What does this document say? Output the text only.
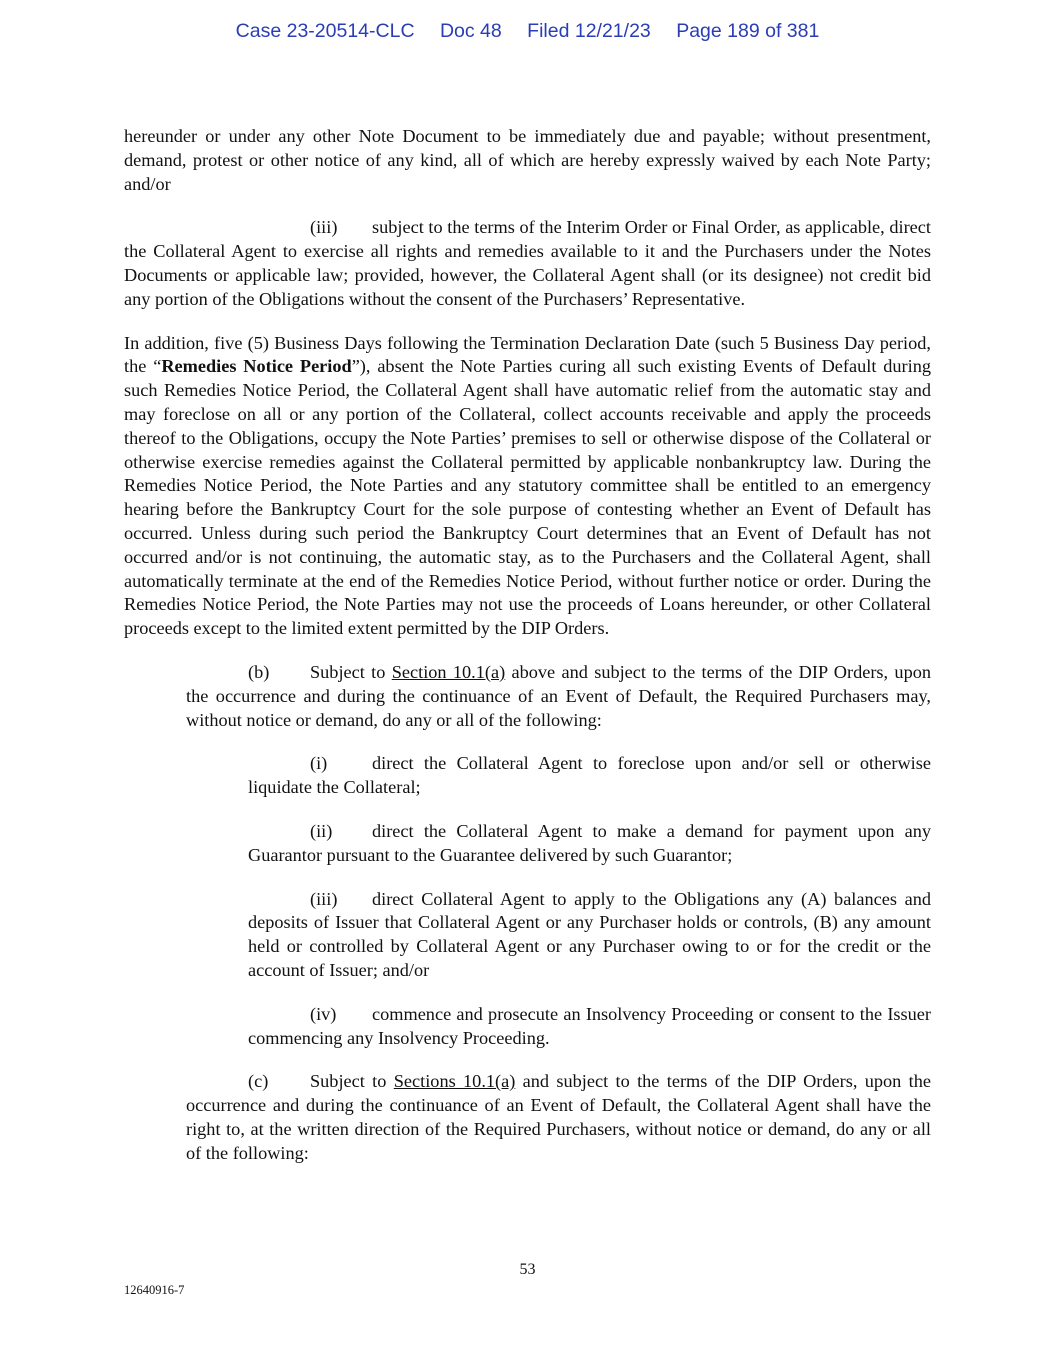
Case 23-20514-CLC Doc 48 Filed 12/21/23 Page 189 of 381

hereunder or under any other Note Document to be immediately due and payable; without presentment, demand, protest or other notice of any kind, all of which are hereby expressly waived by each Note Party; and/or

(iii) subject to the terms of the Interim Order or Final Order, as applicable, direct the Collateral Agent to exercise all rights and remedies available to it and the Purchasers under the Notes Documents or applicable law; provided, however, the Collateral Agent shall (or its designee) not credit bid any portion of the Obligations without the consent of the Purchasers’ Representative.

In addition, five (5) Business Days following the Termination Declaration Date (such 5 Business Day period, the “Remedies Notice Period”), absent the Note Parties curing all such existing Events of Default during such Remedies Notice Period, the Collateral Agent shall have automatic relief from the automatic stay and may foreclose on all or any portion of the Collateral, collect accounts receivable and apply the proceeds thereof to the Obligations, occupy the Note Parties’ premises to sell or otherwise dispose of the Collateral or otherwise exercise remedies against the Collateral permitted by applicable nonbankruptcy law. During the Remedies Notice Period, the Note Parties and any statutory committee shall be entitled to an emergency hearing before the Bankruptcy Court for the sole purpose of contesting whether an Event of Default has occurred. Unless during such period the Bankruptcy Court determines that an Event of Default has not occurred and/or is not continuing, the automatic stay, as to the Purchasers and the Collateral Agent, shall automatically terminate at the end of the Remedies Notice Period, without further notice or order. During the Remedies Notice Period, the Note Parties may not use the proceeds of Loans hereunder, or other Collateral proceeds except to the limited extent permitted by the DIP Orders.

(b) Subject to Section 10.1(a) above and subject to the terms of the DIP Orders, upon the occurrence and during the continuance of an Event of Default, the Required Purchasers may, without notice or demand, do any or all of the following:

(i) direct the Collateral Agent to foreclose upon and/or sell or otherwise liquidate the Collateral;

(ii) direct the Collateral Agent to make a demand for payment upon any Guarantor pursuant to the Guarantee delivered by such Guarantor;

(iii) direct Collateral Agent to apply to the Obligations any (A) balances and deposits of Issuer that Collateral Agent or any Purchaser holds or controls, (B) any amount held or controlled by Collateral Agent or any Purchaser owing to or for the credit or the account of Issuer; and/or

(iv) commence and prosecute an Insolvency Proceeding or consent to the Issuer commencing any Insolvency Proceeding.

(c) Subject to Sections 10.1(a) and subject to the terms of the DIP Orders, upon the occurrence and during the continuance of an Event of Default, the Collateral Agent shall have the right to, at the written direction of the Required Purchasers, without notice or demand, do any or all of the following:

53
12640916-7
